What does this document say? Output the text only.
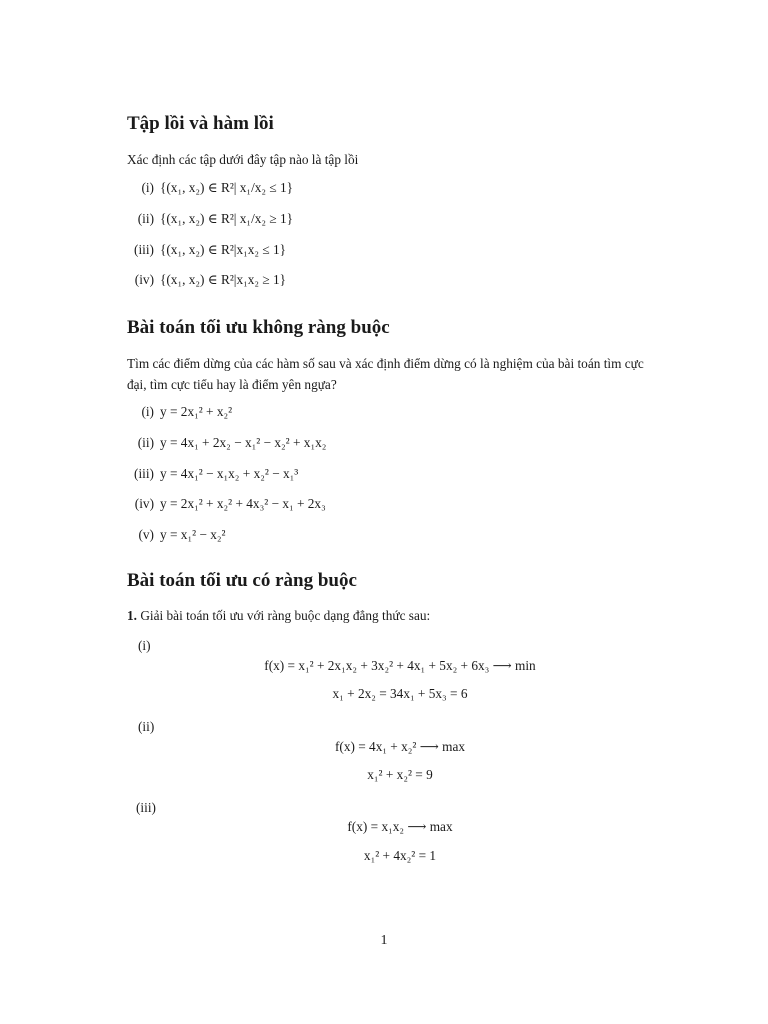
Tập lồi và hàm lồi
Xác định các tập dưới đây tập nào là tập lồi
(i) {(x₁, x₂) ∈ R²| x₁/x₂ ≤ 1}
(ii) {(x₁, x₂) ∈ R²| x₁/x₂ ≥ 1}
(iii) {(x₁, x₂) ∈ R²|x₁x₂ ≤ 1}
(iv) {(x₁, x₂) ∈ R²|x₁x₂ ≥ 1}
Bài toán tối ưu không ràng buộc
Tìm các điểm dừng của các hàm số sau và xác định điểm dừng có là nghiệm của bài toán tìm cực đại, tìm cực tiểu hay là điểm yên ngựa?
(i) y = 2x₁² + x₂²
(ii) y = 4x₁ + 2x₂ − x₁² − x₂² + x₁x₂
(iii) y = 4x₁² − x₁x₂ + x₂² − x₁³
(iv) y = 2x₁² + x₂² + 4x₃² − x₁ + 2x₃
(v) y = x₁² − x₂²
Bài toán tối ưu có ràng buộc
1. Giải bài toán tối ưu với ràng buộc dạng đẳng thức sau:
(i)
f(x) = x₁² + 2x₁x₂ + 3x₂² + 4x₁ + 5x₂ + 6x₃ ⟶ min
x₁ + 2x₂ = 34x₁ + 5x₃ = 6
(ii)
f(x) = 4x₁ + x₂² ⟶ max
x₁² + x₂² = 9
(iii)
f(x) = x₁x₂ ⟶ max
x₁² + 4x₂² = 1
1
